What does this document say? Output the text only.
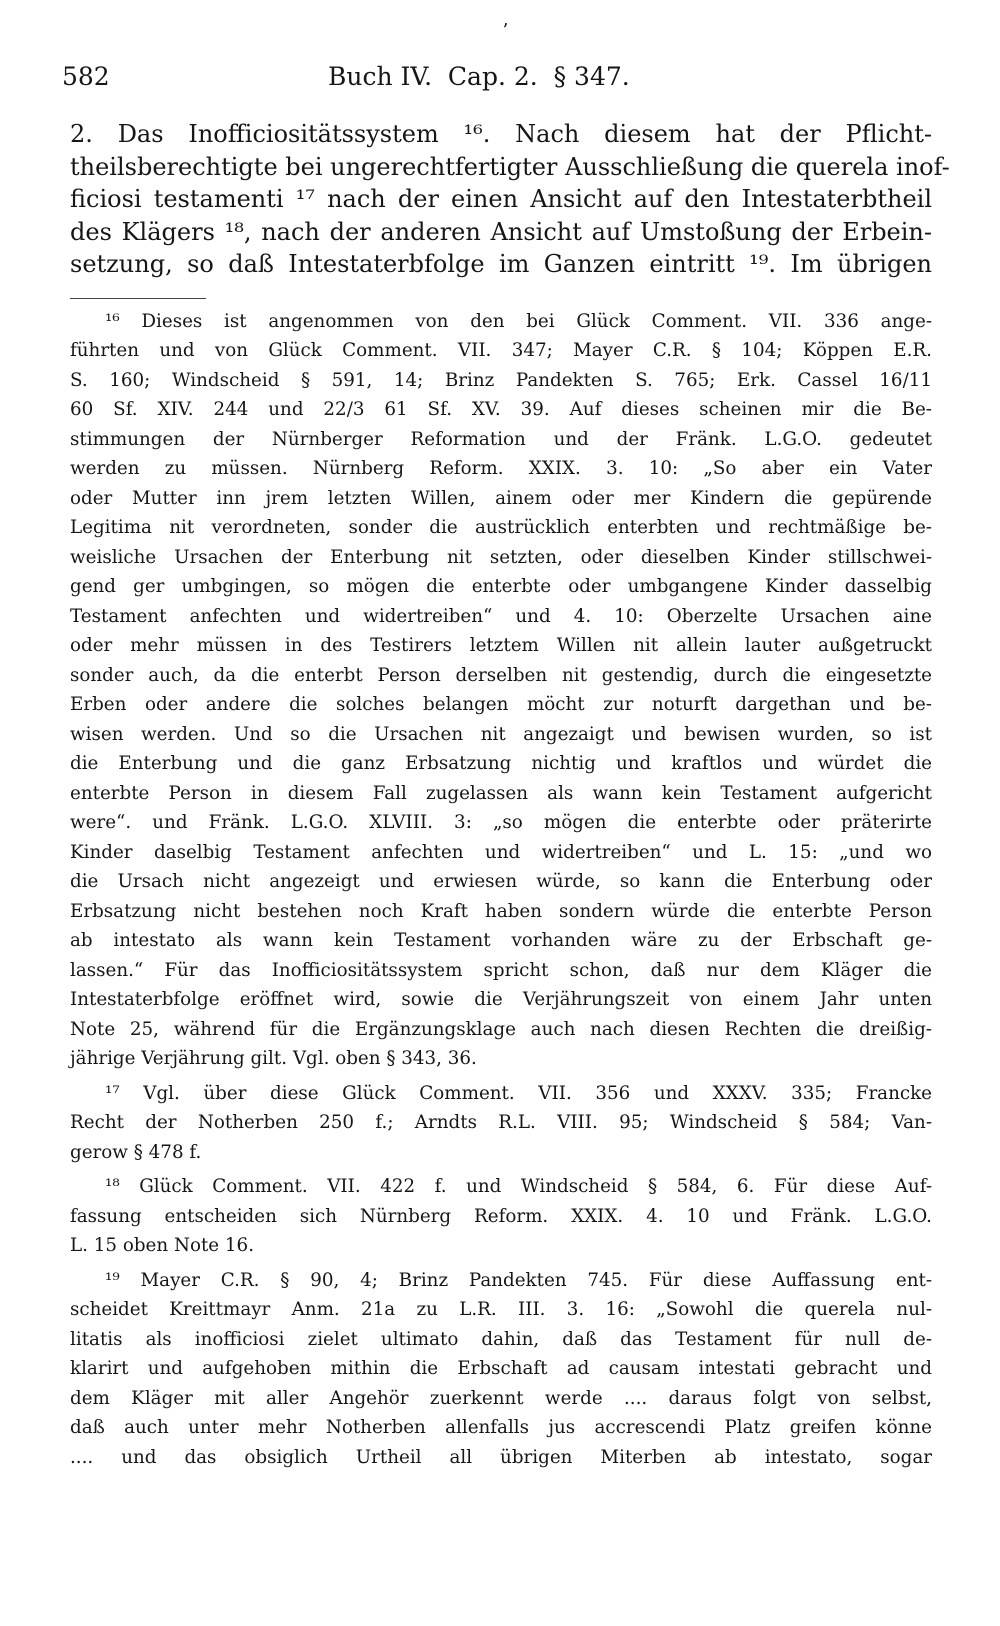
ʼ
582	Buch IV.  Cap. 2.  § 347.
2. Das Inofficiositätssystem ¹⁶. Nach diesem hat der Pflicht-
theilsberechtigte bei ungerechtfertigter Ausschließung die querela inof-
ficiosi testamenti ¹⁷ nach der einen Ansicht auf den Intestaterbtheil
des Klägers ¹⁸, nach der anderen Ansicht auf Umstoßung der Erbein-
setzung, so daß Intestaterbfolge im Ganzen eintritt ¹⁹. Im übrigen
¹⁶ Dieses ist angenommen von den bei Glück Comment. VII. 336 ange-
führten und von Glück Comment. VII. 347; Mayer C.R. § 104; Köppen E.R.
S. 160; Windscheid § 591, 14; Brinz Pandekten S. 765; Erk. Cassel 16/11
60 Sf. XIV. 244 und 22/3 61 Sf. XV. 39. Auf dieses scheinen mir die Be-
stimmungen der Nürnberger Reformation und der Fränk. L.G.O. gedeutet
werden zu müssen. Nürnberg Reform. XXIX. 3. 10: „So aber ein Vater
oder Mutter inn jrem letzten Willen, ainem oder mer Kindern die gepürende
Legitima nit verordneten, sonder die austrücklich enterbten und rechtmäßige be-
weisliche Ursachen der Enterbung nit setzten, oder dieselben Kinder stillschwei-
gend ger umbgingen, so mögen die enterbte oder umbgangene Kinder dasselbig
Testament anfechten und widertreiben“ und 4. 10: Oberzelte Ursachen aine
oder mehr müssen in des Testirers letztem Willen nit allein lauter außgetruckt
sonder auch, da die enterbt Person derselben nit gestendig, durch die eingesetzte
Erben oder andere die solches belangen möcht zur noturft dargethan und be-
wisen werden. Und so die Ursachen nit angezaigt und bewisen wurden, so ist
die Enterbung und die ganz Erbsatzung nichtig und kraftlos und würdet die
enterbte Person in diesem Fall zugelassen als wann kein Testament aufgericht
were“. und Fränk. L.G.O. XLVIII. 3: „so mögen die enterbte oder präterirte
Kinder daselbig Testament anfechten und widertreiben“ und L. 15: „und wo
die Ursach nicht angezeigt und erwiesen würde, so kann die Enterbung oder
Erbsatzung nicht bestehen noch Kraft haben sondern würde die enterbte Person
ab intestato als wann kein Testament vorhanden wäre zu der Erbschaft ge-
lassen.“ Für das Inofficiositätssystem spricht schon, daß nur dem Kläger die
Intestaterbfolge eröffnet wird, sowie die Verjährungszeit von einem Jahr unten
Note 25, während für die Ergänzungsklage auch nach diesen Rechten die dreißig-
jährige Verjährung gilt. Vgl. oben § 343, 36.
¹⁷ Vgl. über diese Glück Comment. VII. 356 und XXXV. 335; Francke
Recht der Notherben 250 f.; Arndts R.L. VIII. 95; Windscheid § 584; Van-
gerow § 478 f.
¹⁸ Glück Comment. VII. 422 f. und Windscheid § 584, 6. Für diese Auf-
fassung entscheiden sich Nürnberg Reform. XXIX. 4. 10 und Fränk. L.G.O.
L. 15 oben Note 16.
¹⁹ Mayer C.R. § 90, 4; Brinz Pandekten 745. Für diese Auffassung ent-
scheidet Kreittmayr Anm. 21a zu L.R. III. 3. 16: „Sowohl die querela nul-
litatis als inofficiosi zielet ultimato dahin, daß das Testament für null de-
klarirt und aufgehoben mithin die Erbschaft ad causam intestati gebracht und
dem Kläger mit aller Angehör zuerkennt werde .... daraus folgt von selbst,
daß auch unter mehr Notherben allenfalls jus accrescendi Platz greifen könne
.... und das obsiglich Urtheil all übrigen Miterben ab intestato, sogar
